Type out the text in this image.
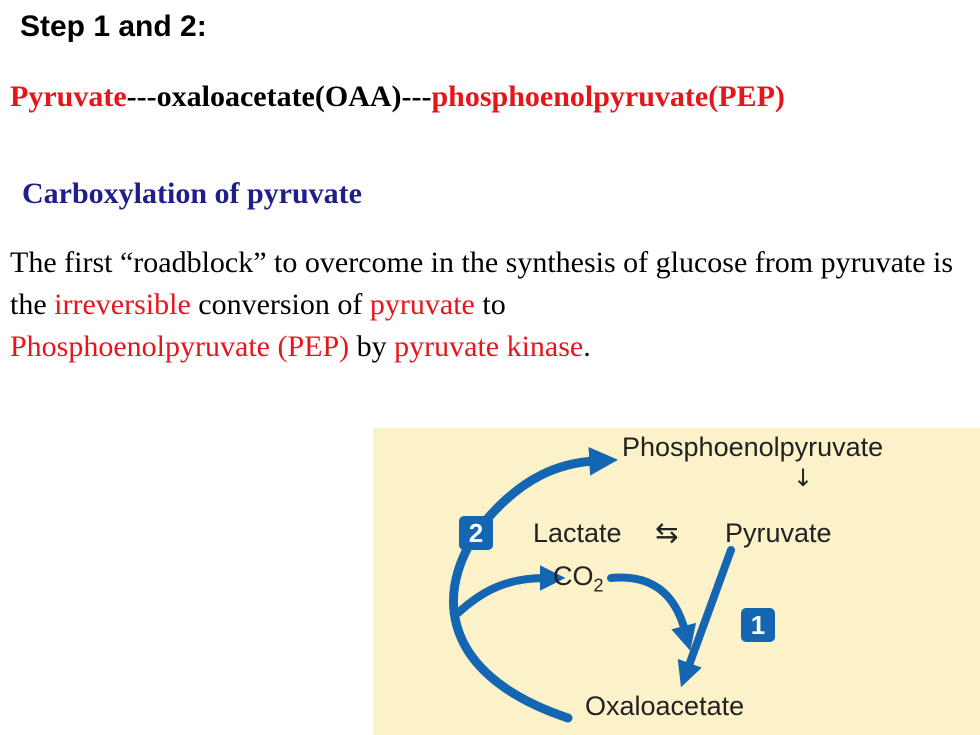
Step 1 and 2:
Pyruvate---oxaloacetate(OAA)---phosphoenolpyruvate(PEP)
Carboxylation of pyruvate
The first “roadblock” to overcome in the synthesis of glucose from pyruvate is the irreversible conversion of pyruvate to
Phosphoenolpyruvate (PEP) by pyruvate kinase.
Phosphoenolpyruvate
↓
2	Lactate ⇆ Pyruvate
$CO_2$
1
Oxaloacetate
